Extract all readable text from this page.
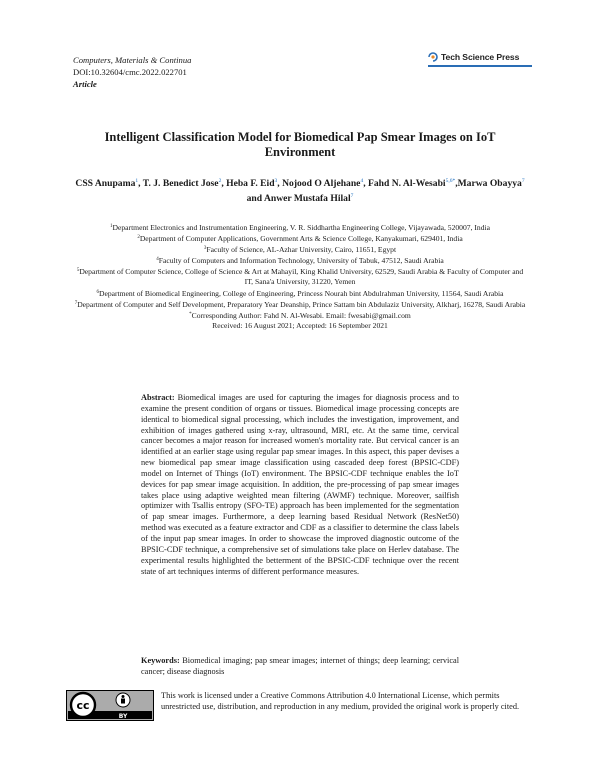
Computers, Materials & Continua
DOI:10.32604/cmc.2022.022701
Article
Tech Science Press
Intelligent Classification Model for Biomedical Pap Smear Images on IoT Environment
CSS Anupama$^1$, T. J. Benedict Jose$^2$, Heba F. Eid$^3$, Nojood O Aljehane$^4$, Fahd N. Al-Wesabi$^{5,6*}$,Marwa Obayya$^7$ and Anwer Mustafa Hilal$^7$

$^1$Department Electronics and Instrumentation Engineering, V. R. Siddhartha Engineering College, Vijayawada, 520007, India

$^2$Department of Computer Applications, Government Arts & Science College, Kanyakumari, 629401, India

$^3$Faculty of Science, AL-Azhar University, Cairo, 11651, Egypt

$^4$Faculty of Computers and Information Technology, University of Tabuk, 47512, Saudi Arabia

$^5$Department of Computer Science, College of Science & Art at Mahayil, King Khalid University, 62529, Saudi Arabia & Faculty of Computer and IT, Sana'a University, 31220, Yemen

$^6$Department of Biomedical Engineering, College of Engineering, Princess Nourah bint Abdulrahman University, 11564, Saudi Arabia

$^7$Department of Computer and Self Development, Preparatory Year Deanship, Prince Sattam bin Abdulaziz University, Alkharj, 16278, Saudi Arabia

*Corresponding Author: Fahd N. Al-Wesabi. Email: fwesabi@gmail.com

Received: 16 August 2021; Accepted: 16 September 2021

Abstract: Biomedical images are used for capturing the images for diagnosis process and to examine the present condition of organs or tissues. Biomedical image processing concepts are identical to biomedical signal processing, which includes the investigation, improvement, and exhibition of images gathered using x-ray, ultrasound, MRI, etc. At the same time, cervical cancer becomes a major reason for increased women's mortality rate. But cervical cancer is an identified at an earlier stage using regular pap smear images. In this aspect, this paper devises a new biomedical pap smear image classification using cascaded deep forest (BPSIC-CDF) model on Internet of Things (IoT) environment. The BPSIC-CDF technique enables the IoT devices for pap smear image acquisition. In addition, the pre-processing of pap smear images takes place using adaptive weighted mean filtering (AWMF) technique. Moreover, sailfish optimizer with Tsallis entropy (SFO-TE) approach has been implemented for the segmentation of pap smear images. Furthermore, a deep learning based Residual Network (ResNet50) method was executed as a feature extractor and CDF as a classifier to determine the class labels of the input pap smear images. In order to showcase the improved diagnostic outcome of the BPSIC-CDF technique, a comprehensive set of simulations take place on Herlev database. The experimental results highlighted the betterment of the BPSIC-CDF technique over the recent state of art techniques interms of different performance measures.
Keywords: Biomedical imaging; pap smear images; internet of things; deep learning; cervical cancer; disease diagnosis
cc
BY
This work is licensed under a Creative Commons Attribution 4.0 International License, which permits unrestricted use, distribution, and reproduction in any medium, provided the original work is properly cited.
